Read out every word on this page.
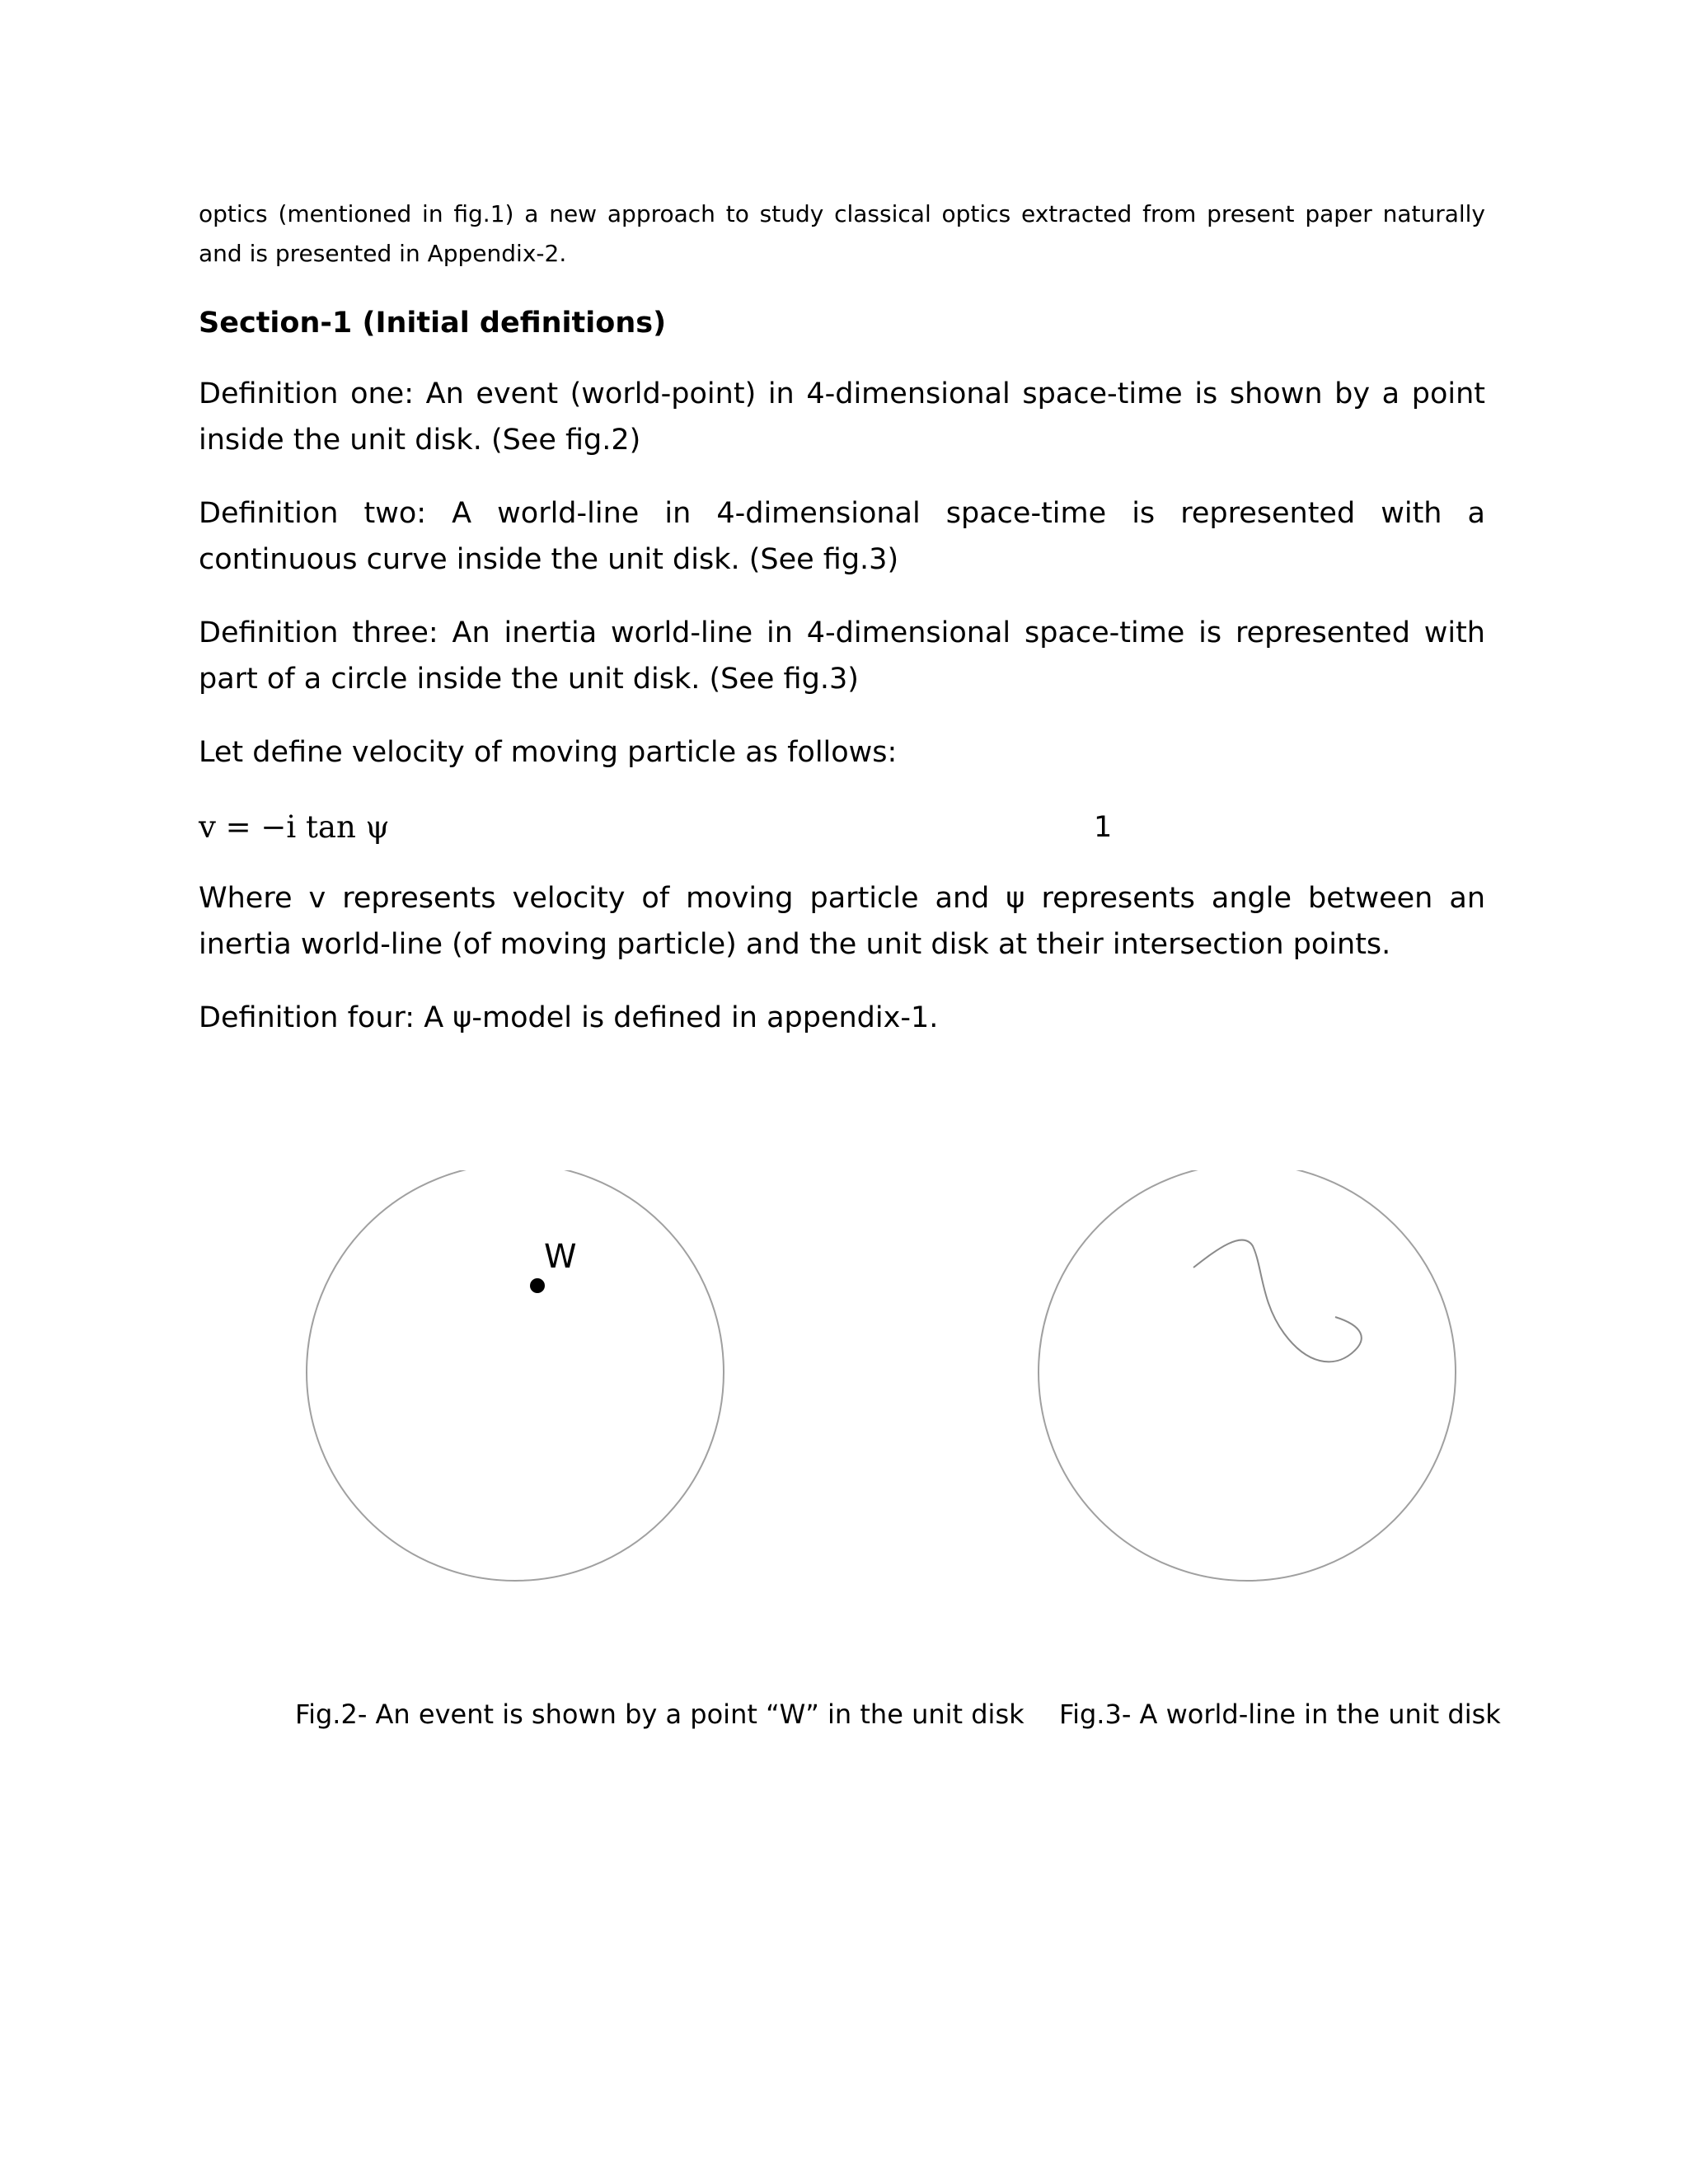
optics (mentioned in fig.1) a new approach to study classical optics extracted from present paper naturally and is presented in Appendix-2.

Section-1 (Initial definitions)

Definition one: An event (world-point) in 4-dimensional space-time is shown by a point inside the unit disk. (See fig.2)

Definition two: A world-line in 4-dimensional space-time is represented with a continuous curve inside the unit disk. (See fig.3)

Definition three: An inertia world-line in 4-dimensional space-time is represented with part of a circle inside the unit disk. (See fig.3)

Let define velocity of moving particle as follows:

v = −i tan ψ	1

Where v represents velocity of moving particle and ψ represents angle between an inertia world-line (of moving particle) and the unit disk at their intersection points.

Definition four: A ψ-model is defined in appendix-1.

W

Fig.2- An event is shown by a point “W” in the unit disk Fig.3- A world-line in the unit disk
